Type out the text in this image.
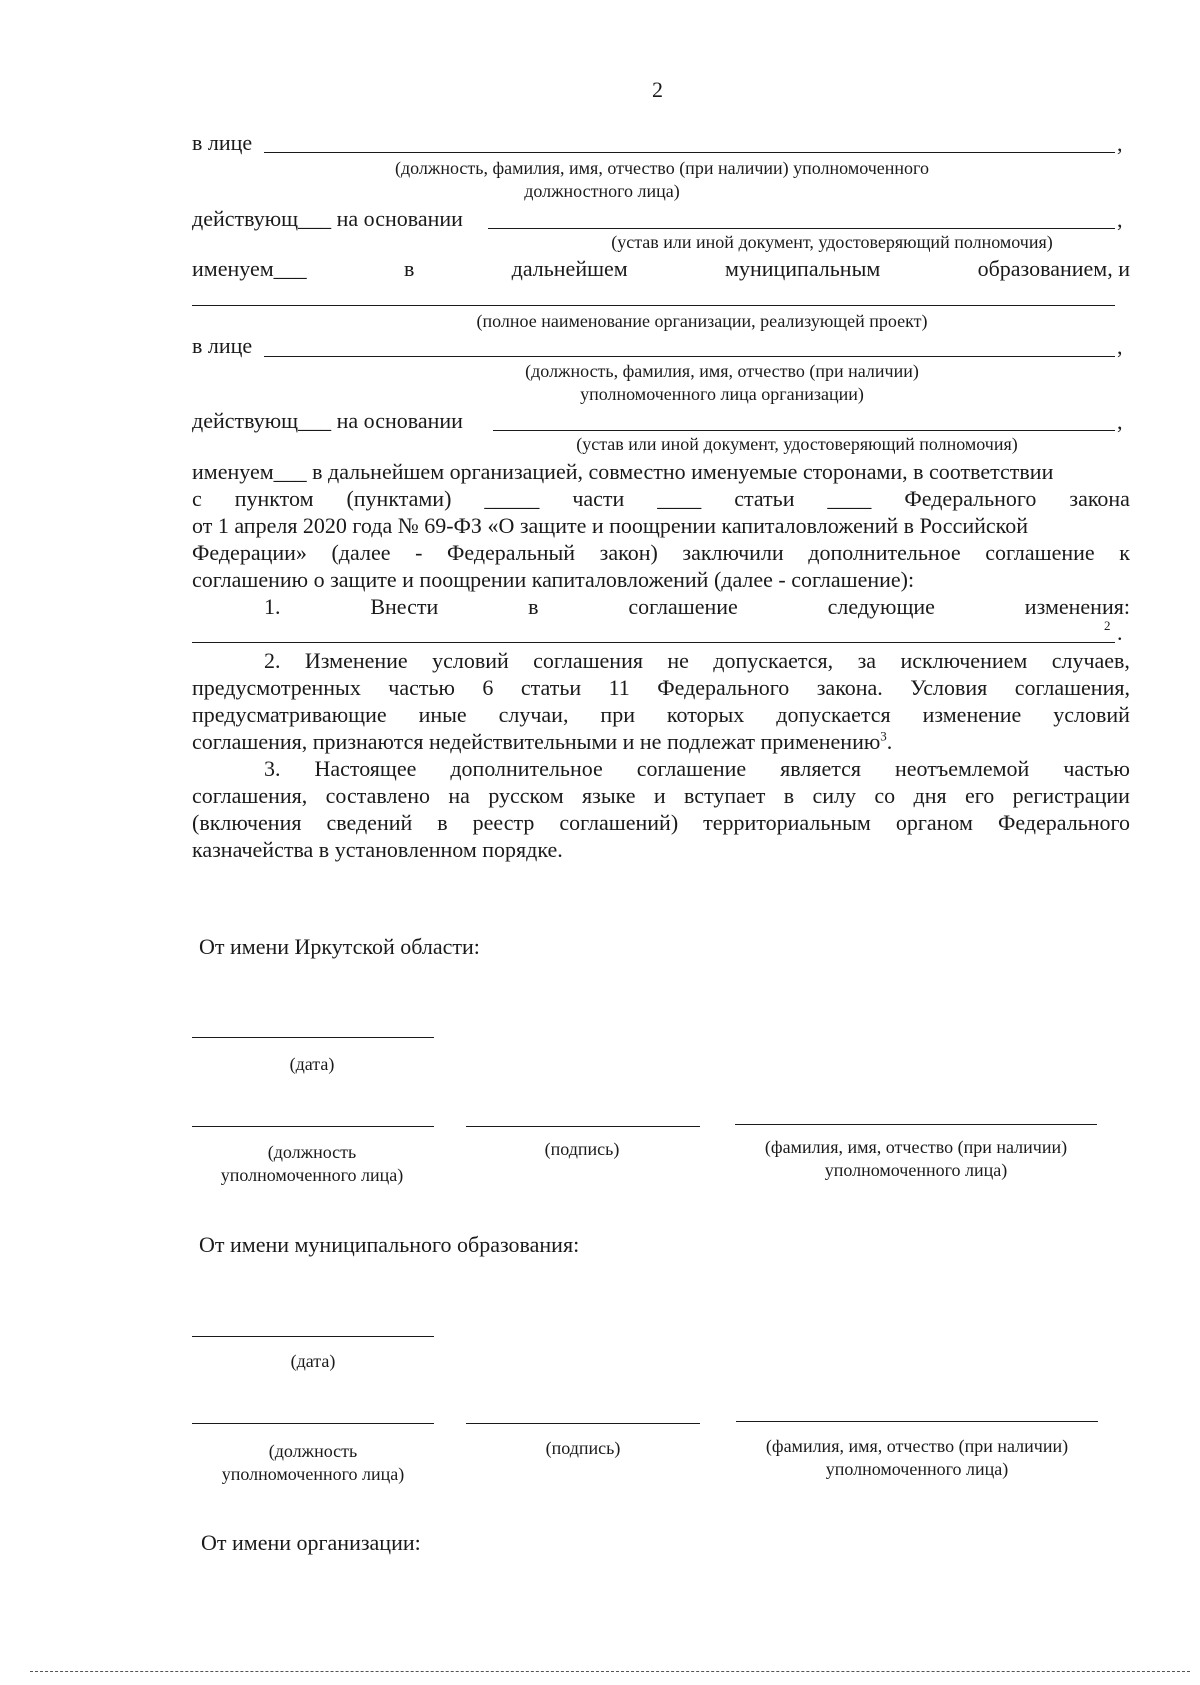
2
в лице	,
(должность, фамилия, имя, отчество (при наличии) уполномоченного
должностного лица)
действующ___ на основании	,
(устав или иной документ, удостоверяющий полномочия)
именуем___	в	дальнейшем	муниципальным	образованием, и
(полное наименование организации, реализующей проект)
в лице	,
(должность, фамилия, имя, отчество (при наличии)
уполномоченного лица организации)
действующ___ на основании	,
(устав или иной документ, удостоверяющий полномочия)
именуем___ в дальнейшем организацией, совместно именуемые сторонами, в соответствии
с пунктом (пунктами) _____ части ____ статьи ____ Федерального закона
от 1 апреля 2020 года № 69-ФЗ «О защите и поощрении капиталовложений в Российской
Федерации» (далее - Федеральный закон) заключили дополнительное соглашение к
соглашению о защите и поощрении капиталовложений (далее - соглашение):
1.	Внести	в	соглашение	следующие	изменения:
2 .
2. Изменение условий соглашения не допускается, за исключением случаев,
предусмотренных частью 6 статьи 11 Федерального закона. Условия соглашения,
предусматривающие иные случаи, при которых допускается изменение условий
соглашения, признаются недействительными и не подлежат применению$^3$.
3. Настоящее дополнительное соглашение является неотъемлемой частью
соглашения, составлено на русском языке и вступает в силу со дня его регистрации
(включения сведений в реестр соглашений) территориальным органом Федерального
казначейства в установленном порядке.
От имени Иркутской области:
(дата)
(должность
уполномоченного лица)
(подпись)	(фамилия, имя, отчество (при наличии)
уполномоченного лица)
От имени муниципального образования:
(дата)
(должность
уполномоченного лица)
(подпись)	(фамилия, имя, отчество (при наличии)
уполномоченного лица)
От имени организации:
